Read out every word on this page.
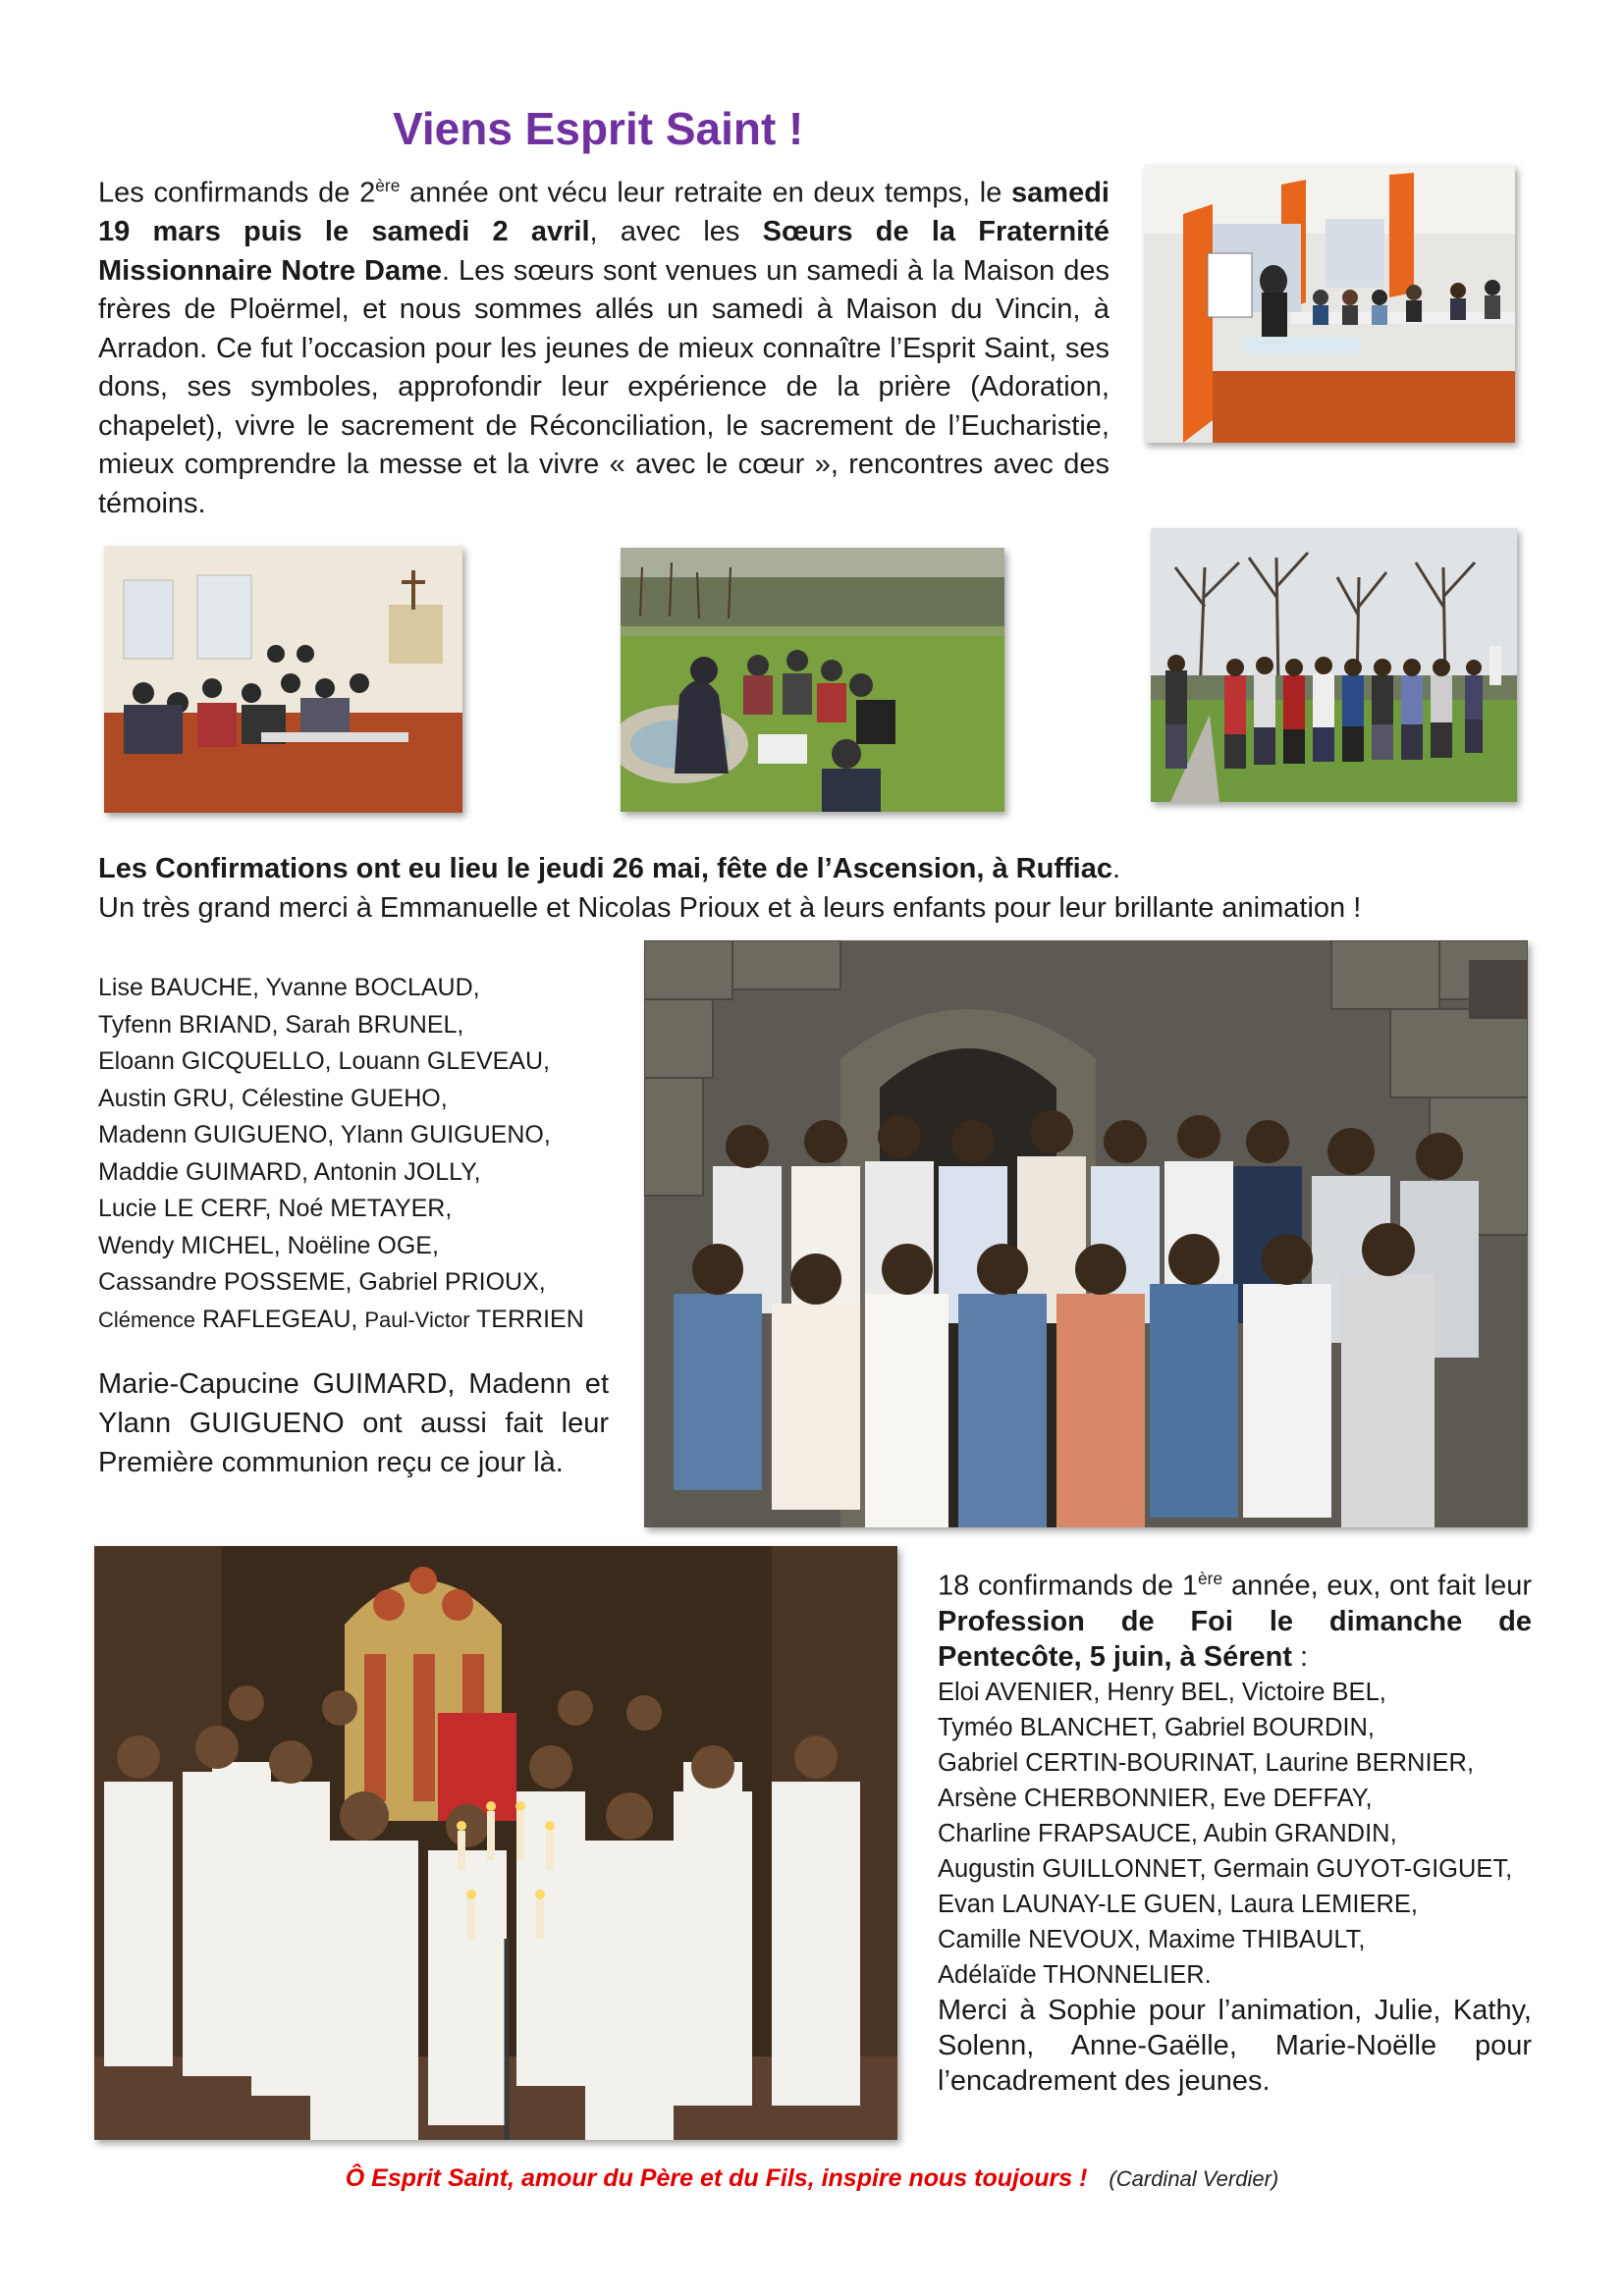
Viens Esprit Saint !
Les confirmands de 2ère année ont vécu leur retraite en deux temps, le samedi 19 mars puis le samedi 2 avril, avec les Sœurs de la Fraternité Missionnaire Notre Dame. Les sœurs sont venues un samedi à la Maison des frères de Ploërmel, et nous sommes allés un samedi à Maison du Vincin, à Arradon. Ce fut l’occasion pour les jeunes de mieux connaître l’Esprit Saint, ses dons, ses symboles, approfondir leur expérience de la prière (Adoration, chapelet), vivre le sacrement de Réconciliation, le sacrement de l’Eucharistie, mieux comprendre la messe et la vivre « avec le cœur », rencontres avec des témoins.
Les Confirmations ont eu lieu le jeudi 26 mai, fête de l’Ascension, à Ruffiac.
Un très grand merci à Emmanuelle et Nicolas Prioux et à leurs enfants pour leur brillante animation !
Lise BAUCHE, Yvanne BOCLAUD,
Tyfenn BRIAND, Sarah BRUNEL,
Eloann GICQUELLO, Louann GLEVEAU,
Austin GRU, Célestine GUEHO,
Madenn GUIGUENO, Ylann GUIGUENO,
Maddie GUIMARD, Antonin JOLLY,
Lucie LE CERF, Noé METAYER,
Wendy MICHEL, Noëline OGE,
Cassandre POSSEME, Gabriel PRIOUX,
Clémence RAFLEGEAU, Paul-Victor TERRIEN
Marie-Capucine GUIMARD, Madenn et Ylann GUIGUENO ont aussi fait leur Première communion reçu ce jour là.
18 confirmands de 1ère année, eux, ont fait leur Profession de Foi le dimanche de Pentecôte, 5 juin, à Sérent :
Eloi AVENIER, Henry BEL, Victoire BEL,
Tyméo BLANCHET, Gabriel BOURDIN,
Gabriel CERTIN-BOURINAT, Laurine BERNIER,
Arsène CHERBONNIER, Eve DEFFAY,
Charline FRAPSAUCE, Aubin GRANDIN,
Augustin GUILLONNET, Germain GUYOT-GIGUET,
Evan LAUNAY-LE GUEN, Laura LEMIERE,
Camille NEVOUX, Maxime THIBAULT,
Adélaïde THONNELIER.
Merci à Sophie pour l’animation, Julie, Kathy, Solenn, Anne-Gaëlle, Marie-Noëlle pour l’encadrement des jeunes.
Ô Esprit Saint, amour du Père et du Fils, inspire nous toujours ! (Cardinal Verdier)
